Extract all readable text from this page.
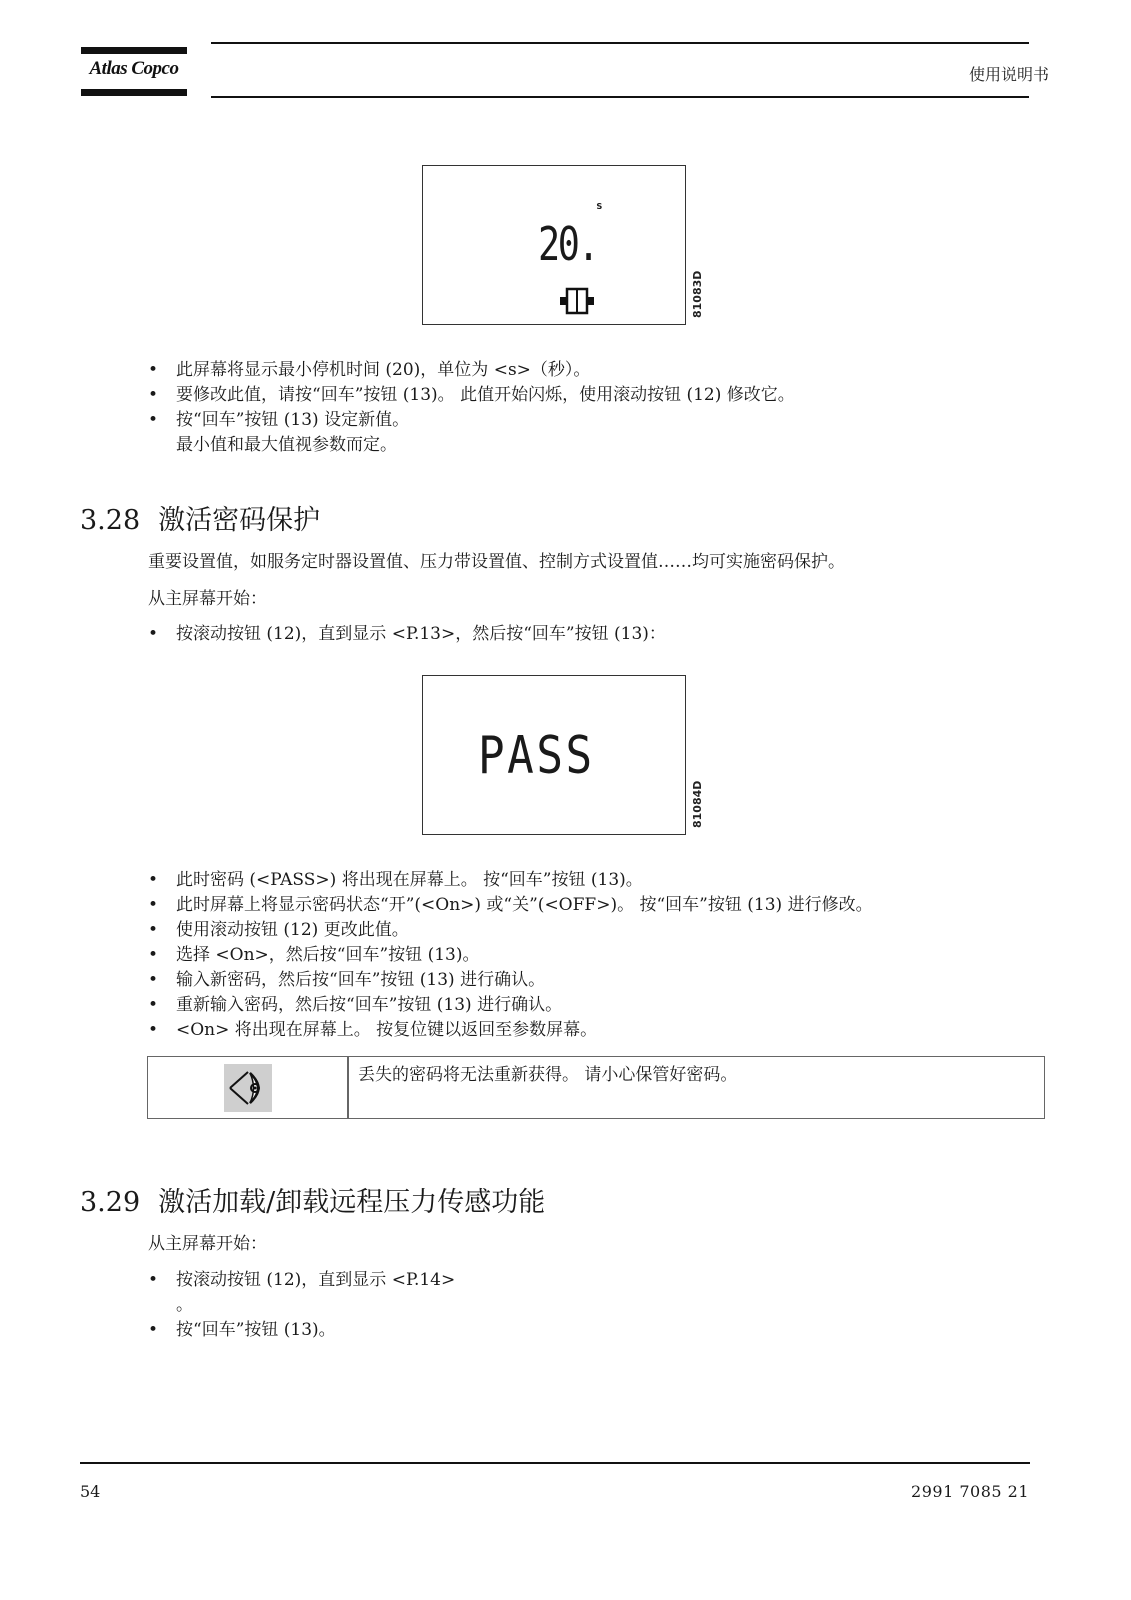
Atlas Copco	使用说明书
s
20.
81083D
• 此屏幕将显示最小停机时间 (20)，单位为 <s>（秒）。
• 要修改此值，请按“回车”按钮 (13)。 此值开始闪烁，使用滚动按钮 (12) 修改它。
• 按“回车”按钮 (13) 设定新值。
最小值和最大值视参数而定。
3.28 激活密码保护
重要设置值，如服务定时器设置值、压力带设置值、控制方式设置值……均可实施密码保护。
从主屏幕开始：
• 按滚动按钮 (12)，直到显示 <P.13>，然后按“回车”按钮 (13)：
PASS
81084D
• 此时密码 (<PASS>) 将出现在屏幕上。 按“回车”按钮 (13)。
• 此时屏幕上将显示密码状态“开”(<On>) 或“关”(<OFF>)。 按“回车”按钮 (13) 进行修改。
• 使用滚动按钮 (12) 更改此值。
• 选择 <On>，然后按“回车”按钮 (13)。
• 输入新密码，然后按“回车”按钮 (13) 进行确认。
• 重新输入密码，然后按“回车”按钮 (13) 进行确认。
• <On> 将出现在屏幕上。 按复位键以返回至参数屏幕。
丢失的密码将无法重新获得。 请小心保管好密码。
3.29 激活加载/卸载远程压力传感功能
从主屏幕开始：
• 按滚动按钮 (12)，直到显示 <P.14>
。
• 按“回车”按钮 (13)。
54	2991 7085 21
